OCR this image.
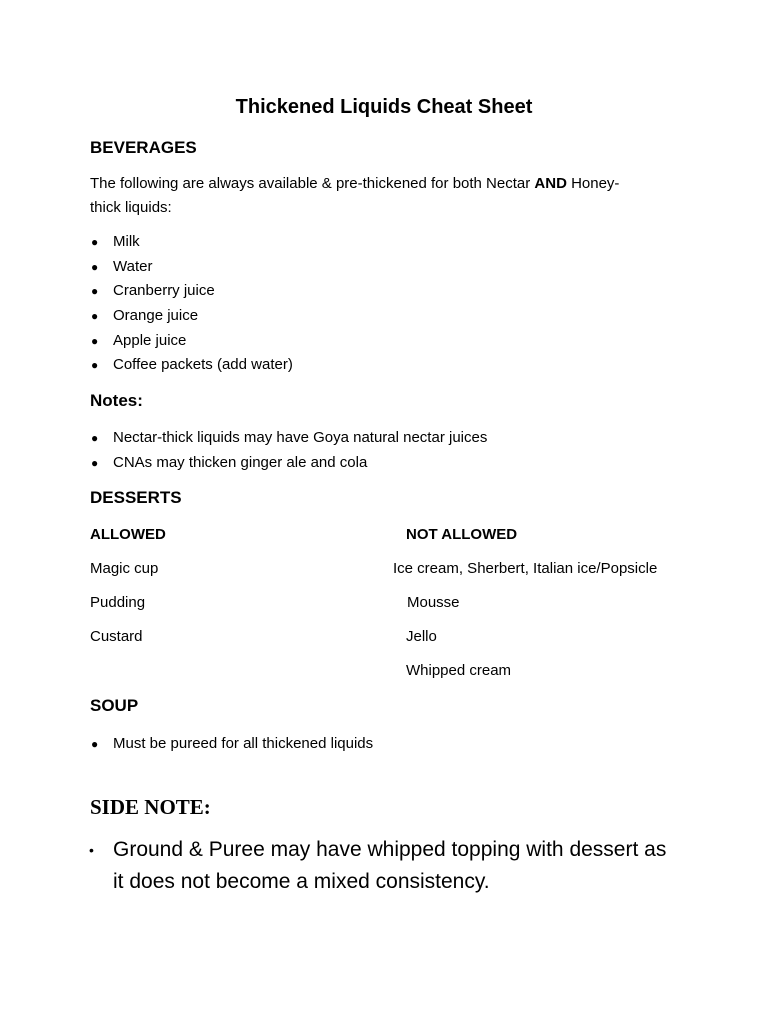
Thickened Liquids Cheat Sheet
BEVERAGES
The following are always available & pre-thickened for both Nectar AND Honey-
thick liquids:
● Milk
● Water
● Cranberry juice
● Orange juice
● Apple juice
● Coffee packets (add water)
Notes:
● Nectar-thick liquids may have Goya natural nectar juices
● CNAs may thicken ginger ale and cola
DESSERTS
ALLOWED	NOT ALLOWED
Magic cup
Pudding
Custard
Ice cream, Sherbert, Italian ice/Popsicle
Mousse
Jello
Whipped cream
SOUP
● Must be pureed for all thickened liquids
SIDE NOTE:
• Ground & Puree may have whipped topping with dessert as
it does not become a mixed consistency.
